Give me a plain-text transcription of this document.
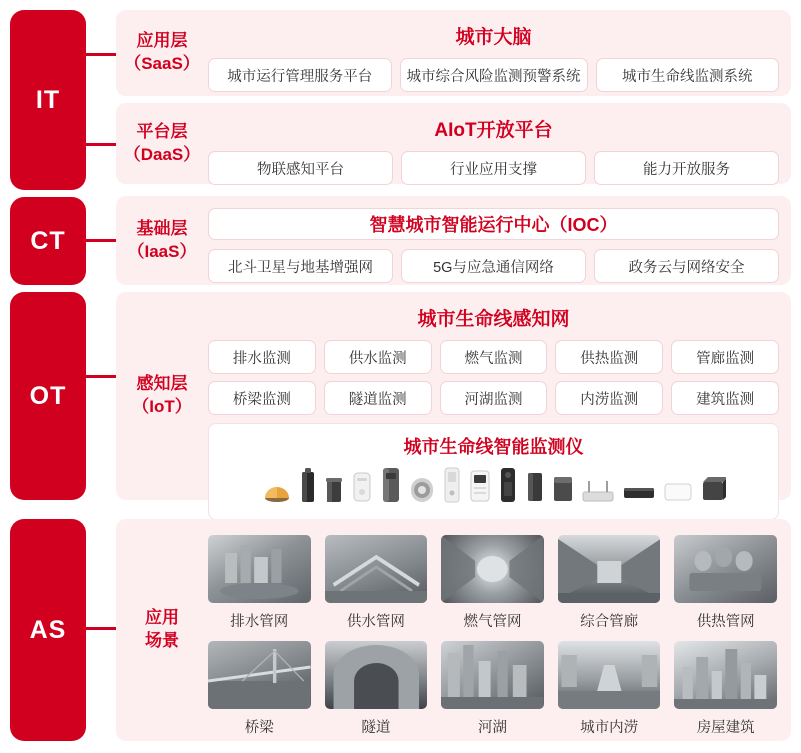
IT
CT
OT
AS
应用层
（SaaS）
城市大脑
城市运行管理服务平台	城市综合风险监测预警系统	城市生命线监测系统
平台层
（DaaS）
AIoT开放平台
物联感知平台	行业应用支撑	能力开放服务
基础层
（IaaS）
智慧城市智能运行中心（IOC）
北斗卫星与地基增强网	5G与应急通信网络	政务云与网络安全
感知层
（IoT）
城市生命线感知网
排水监测	供水监测	燃气监测	供热监测	管廊监测
桥梁监测	隧道监测	河湖监测	内涝监测	建筑监测
城市生命线智能监测仪
应用
场景
排水管网	供水管网	燃气管网	综合管廊	供热管网
桥梁	隧道	河湖	城市内涝	房屋建筑
